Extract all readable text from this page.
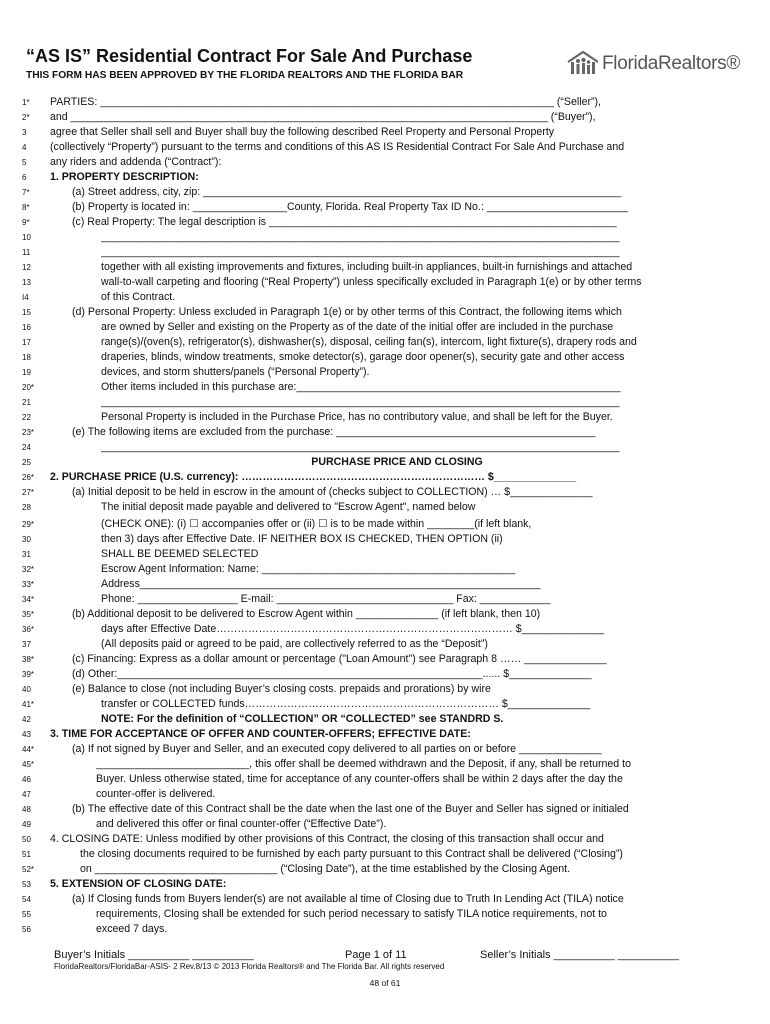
“AS IS” Residential Contract For Sale And Purchase
THIS FORM HAS BEEN APPROVED BY THE FLORIDA REALTORS AND THE FLORIDA BAR
FloridaRealtors®
1*	PARTIES: _____________________________________________________________________________ (“Seller”),
2*	and _________________________________________________________________________________ (“Buyer”),
3	agree that Seller shall sell and Buyer shall buy the following described Reel Property and Personal Property
4	(collectively “Property”) pursuant to the terms and conditions of this AS IS Residential Contract For Sale And Purchase and
5	any riders and addenda (“Contract”):
6	1. PROPERTY DESCRIPTION:
7*	(a) Street address, city, zip: _______________________________________________________________________
8*	(b) Property is located in: ________________County, Florida. Real Property Tax ID No.: ________________________
9*	(c) Real Property: The legal description is ___________________________________________________________
10	________________________________________________________________________________________
11	________________________________________________________________________________________
12	together with all existing improvements and fixtures, including built-in appliances, built-in furnishings and attached
13	wall-to-wall carpeting and flooring (“Real Property”) unless specifically excluded in Paragraph 1(e) or by other terms
I4	of this Contract.
15	(d) Personal Property: Unless excluded in Paragraph 1(e) or by other terms of this Contract, the following items which
16	are owned by Seller and existing on the Property as of the date of the initial offer are included in the purchase
17	range(s)/(oven(s), refrigerator(s), dishwasher(s), disposal, ceiling fan(s), intercom, light fixture(s), drapery rods and
18	draperies, blinds, window treatments, smoke detector(s), garage door opener(s), security gate and other access
19	devices, and storm shutters/panels (“Personal Property”).
20*	Other items included in this purchase are:_______________________________________________________
21	________________________________________________________________________________________
22	Personal Property is included in the Purchase Price, has no contributory value, and shall be left for the Buyer.
23*	(e) The following items are excluded from the purchase: ____________________________________________
24	________________________________________________________________________________________
25	PURCHASE PRICE AND CLOSING
26*	2. PURCHASE PRICE (U.S. currency): …………………………………………………………… $______________
27*	(a) Initial deposit to be held in escrow in the amount of (checks subject to COLLECTION) … $______________
28	The initial deposit made payable and delivered to "Escrow Agent", named below
29*	(CHECK ONE): (i) ☐ accompanies offer or (ii) ☐ is to be made within ________(if left blank,
30	then 3) days after Effective Date. IF NEITHER BOX IS CHECKED, THEN OPTION (ii)
31	SHALL BE DEEMED SELECTED
32*	Escrow Agent Information: Name: ___________________________________________
33*	Address____________________________________________________________________
34*	Phone: _________________ E-mail: ______________________________ Fax: ____________
35*	(b) Additional deposit to be delivered to Escrow Agent within ______________ (if left blank, then 10)
36*	days after Effective Date………………………………………………………………………… $______________
37	(All deposits paid or agreed to be paid, are collectively referred to as the “Deposit”)
38*	(c) Financing: Express as a dollar amount or percentage ("Loan Amount") see Paragraph 8 …… ______________
39*	(d) Other:______________________________________________________________...... $______________
40	(e) Balance to close (not including Buyer’s closing costs. prepaids and prorations) by wire
41*	transfer or COLLECTED funds……………………………………………………………… $______________
42	NOTE: For the definition of “COLLECTION” OR “COLLECTED” see STANDRD S.
43	3. TIME FOR ACCEPTANCE OF OFFER AND COUNTER-OFFERS; EFFECTIVE DATE:
44*	(a) If not signed by Buyer and Seller, and an executed copy delivered to all parties on or before ______________
45*	__________________________, this offer shall be deemed withdrawn and the Deposit, if any, shall be returned to
46	Buyer. Unless otherwise stated, time for acceptance of any counter-offers shall be within 2 days after the day the
47	counter-offer is delivered.
48	(b) The effective date of this Contract shall be the date when the last one of the Buyer and Seller has signed or initialed
49	and delivered this offer or final counter-offer (“Effective Date”).
50	4. CLOSING DATE: Unless modified by other provisions of this Contract, the closing of this transaction shall occur and
51	the closing documents required to be furnished by each party pursuant to this Contract shall be delivered (“Closing”)
52*	on _______________________________ (“Closing Date”), at the time established by the Closing Agent.
53	5. EXTENSION OF CLOSING DATE:
54	(a) If Closing funds from Buyers lender(s) are not available al time of Closing due to Truth In Lending Act (TILA) notice
55	requirements, Closing shall be extended for such period necessary to satisfy TILA notice requirements, not to
56	exceed 7 days.
Buyer’s Initials __________ __________	Page 1 of 11	Seller’s Initials __________ __________
FloridaRealtors/FloridaBar-ASIS- 2 Rev.8/13 © 2013 Florida Realtors® and The Florida Bar. All rights reserved
48 of 61
